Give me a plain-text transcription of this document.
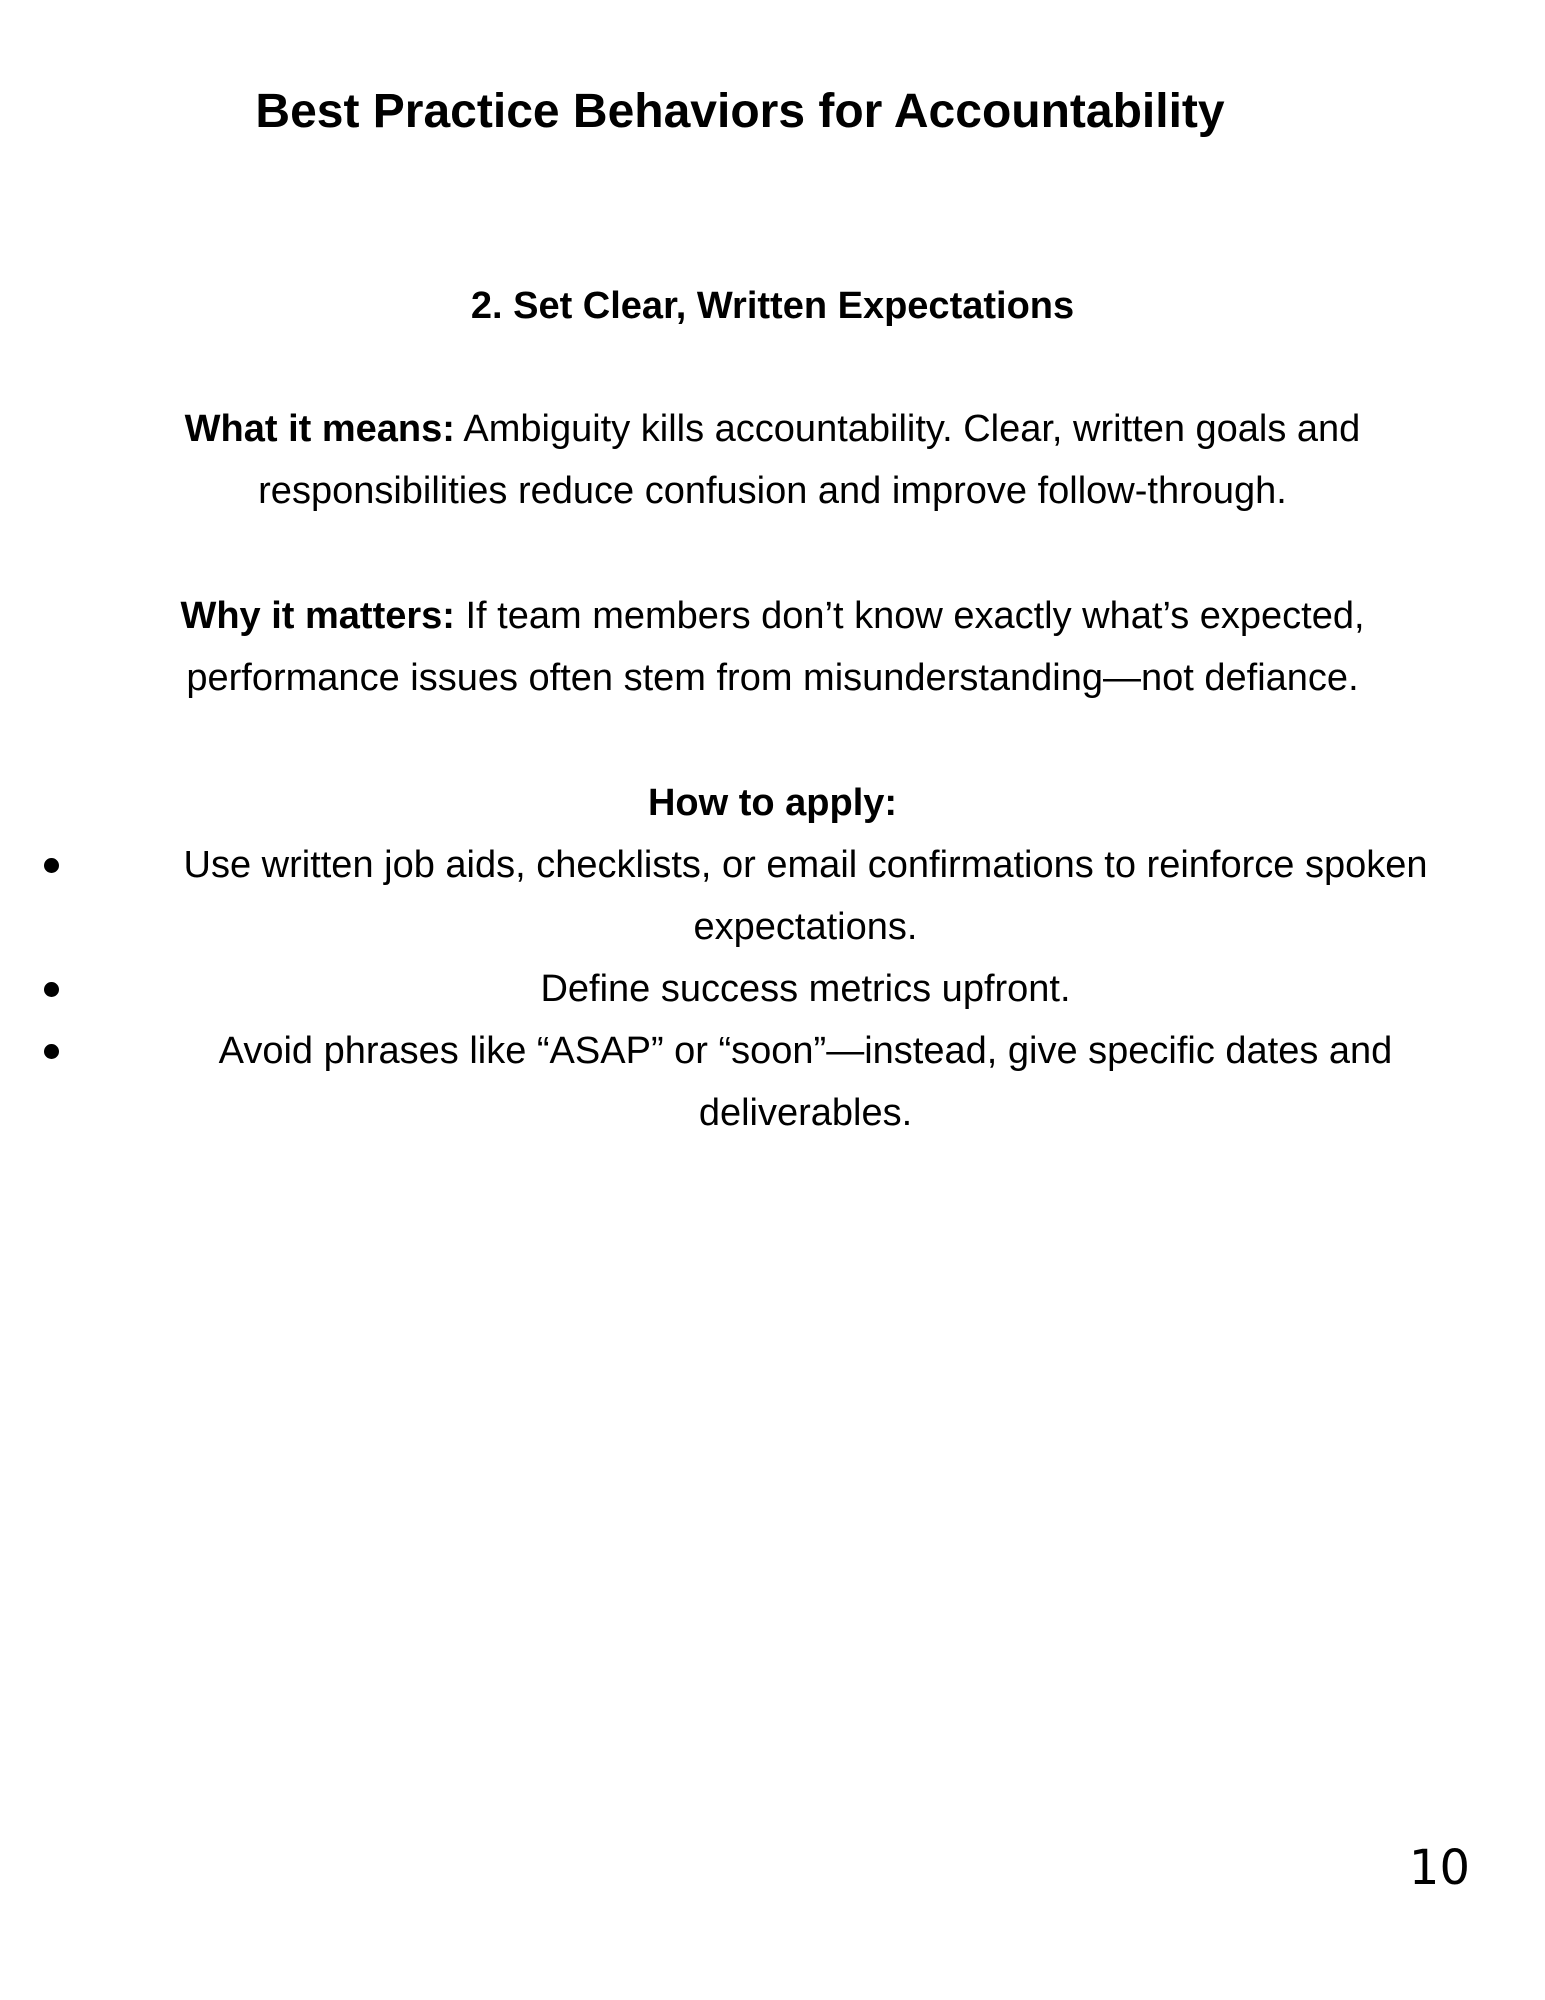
Best Practice Behaviors for Accountability
2. Set Clear, Written Expectations

What it means: Ambiguity kills accountability. Clear, written goals and responsibilities reduce confusion and improve follow-through.

Why it matters: If team members don’t know exactly what’s expected, performance issues often stem from misunderstanding—not defiance.

How to apply:
Use written job aids, checklists, or email confirmations to reinforce spoken expectations.
Define success metrics upfront.
Avoid phrases like “ASAP” or “soon”—instead, give specific dates and deliverables.
10
